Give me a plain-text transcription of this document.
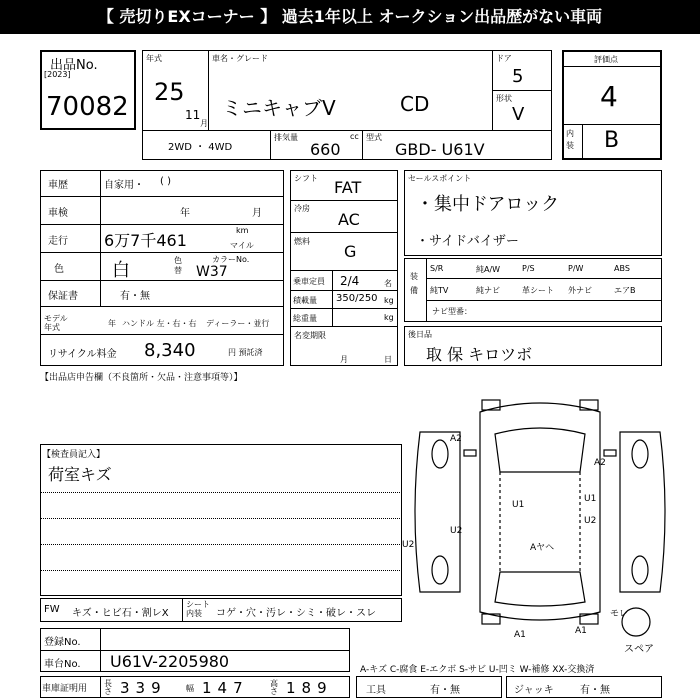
【 売切りEXコーナー 】 過去1年以上 オークション出品歴がない車両
出品No.
[2023]
70082
年式
25
11
月
車名・グレード
ミニキャブV	CD
ドア
5
形状
V
2WD ・ 4WD
排気量	cc
660
型式
GBD- U61V
評価点
4
内装 B
車歴	自家用・ ( )
車検	年	月
走行 6万7千461
km
マイル
色	白	色替
カラーNo.
W37
保証書	有・無
モデル年式	年 ハンドル 左・右・右 ディーラー・並行
リサイクル料金 8,340	円 預託済
シフト FAT
冷房
AC
燃料
G
乗車定員 2/4	名
積載量 350/250 kg
総重量	kg
名変期限
月	日
セールスポイント
・集中ドアロック
・サイドバイザー
装備
S/R	純A/W	P/S	P/W	ABS
純TV	純ナビ	革シート 外ナビ	エアB
ナビ型番：
後日品
取 保 キロツボ
【出品店申告欄（不良箇所・欠品・注意事項等）】
【検査員記入】
荷室キズ
A2
U2
U1
U1
U2
A2
A1	A1
U2	Aヤヘ
モレ
スペア
FW キズ・ヒビ石・割レX
シート内装	コゲ・穴・汚レ・シミ・破レ・スレ
登録No.
車台No. U61V-2205980
車庫証明用
長さ 339 幅 147	高さ 189
A-キズ C-腐食 E-エクボ S-サビ U-凹ミ W-補修 XX-交換済
工具	有・無	ジャッキ	有・無
